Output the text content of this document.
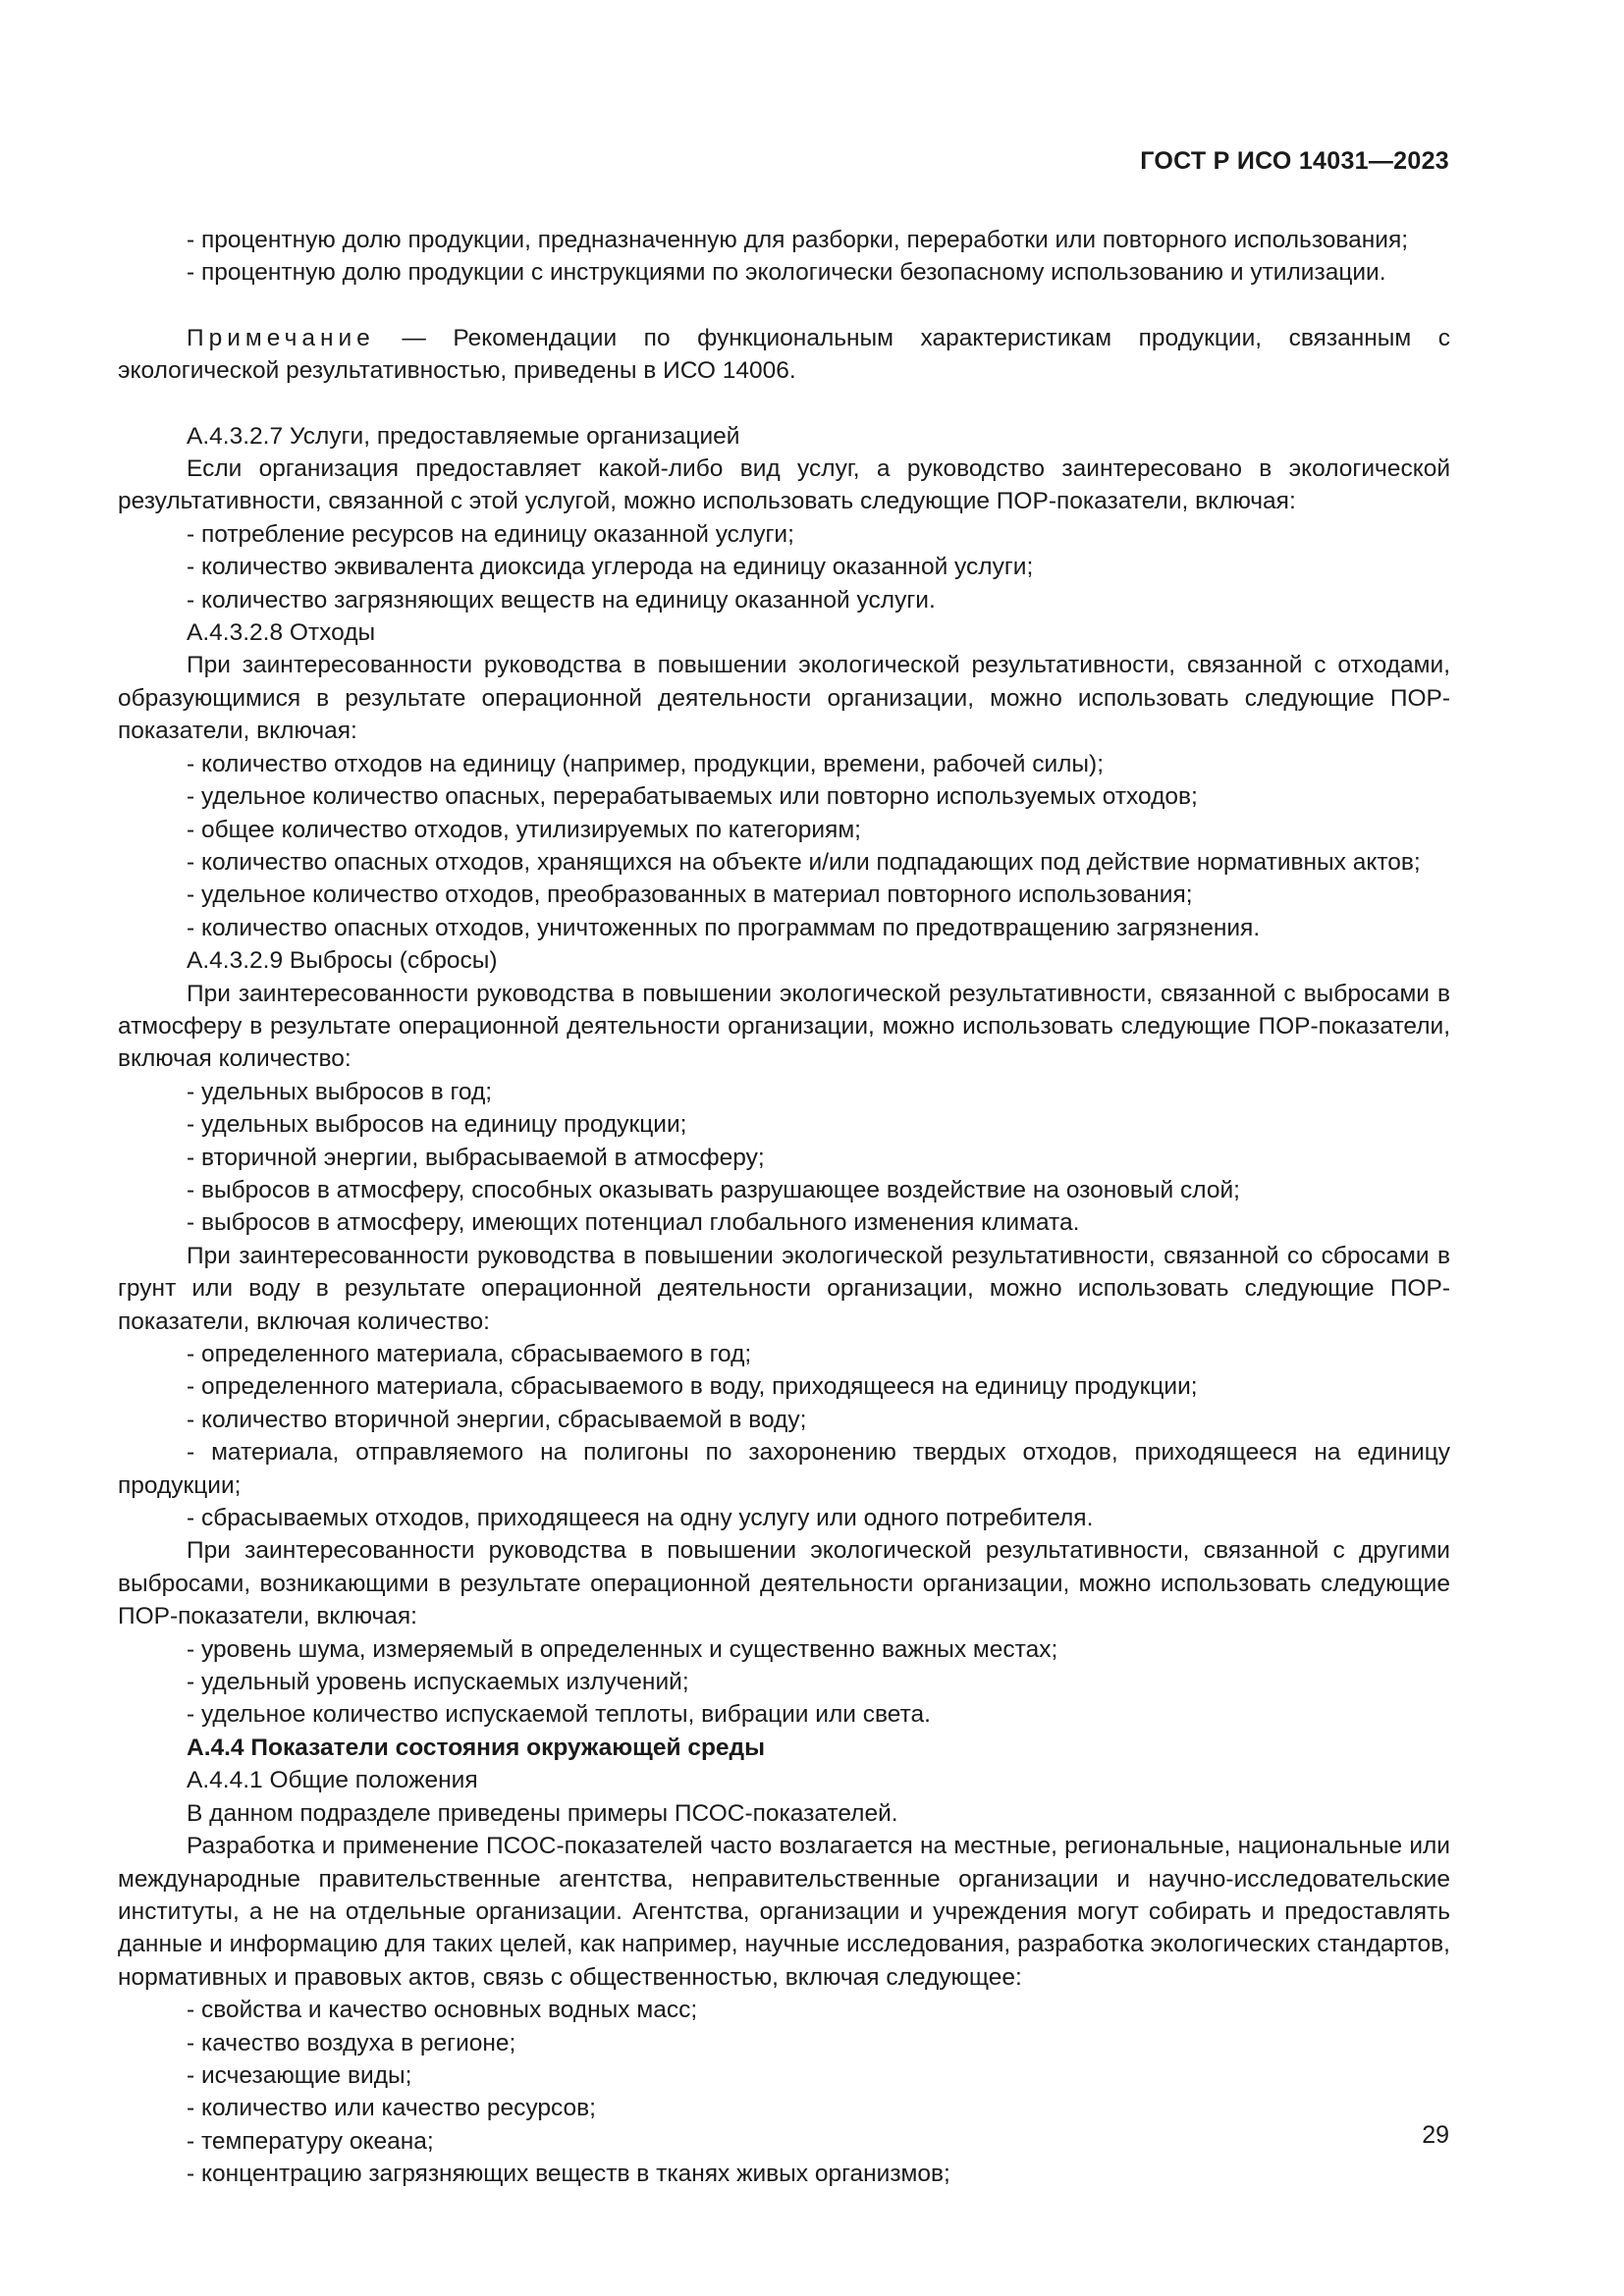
ГОСТ Р ИСО 14031—2023

- процентную долю продукции, предназначенную для разборки, переработки или повторного использования;

- процентную долю продукции с инструкциями по экологически безопасному использованию и утилизации.

Примечание — Рекомендации по функциональным характеристикам продукции, связанным с экологической результативностью, приведены в ИСО 14006.

А.4.3.2.7 Услуги, предоставляемые организацией

Если организация предоставляет какой-либо вид услуг, а руководство заинтересовано в экологической результативности, связанной с этой услугой, можно использовать следующие ПОР-показатели, включая:

- потребление ресурсов на единицу оказанной услуги;

- количество эквивалента диоксида углерода на единицу оказанной услуги;

- количество загрязняющих веществ на единицу оказанной услуги.

А.4.3.2.8 Отходы

При заинтересованности руководства в повышении экологической результативности, связанной с отходами, образующимися в результате операционной деятельности организации, можно использовать следующие ПОР-показатели, включая:

- количество отходов на единицу (например, продукции, времени, рабочей силы);

- удельное количество опасных, перерабатываемых или повторно используемых отходов;

- общее количество отходов, утилизируемых по категориям;

- количество опасных отходов, хранящихся на объекте и/или подпадающих под действие нормативных актов;

- удельное количество отходов, преобразованных в материал повторного использования;

- количество опасных отходов, уничтоженных по программам по предотвращению загрязнения.

А.4.3.2.9 Выбросы (сбросы)

При заинтересованности руководства в повышении экологической результативности, связанной с выбросами в атмосферу в результате операционной деятельности организации, можно использовать следующие ПОР-показатели, включая количество:

- удельных выбросов в год;

- удельных выбросов на единицу продукции;

- вторичной энергии, выбрасываемой в атмосферу;

- выбросов в атмосферу, способных оказывать разрушающее воздействие на озоновый слой;

- выбросов в атмосферу, имеющих потенциал глобального изменения климата.

При заинтересованности руководства в повышении экологической результативности, связанной со сбросами в грунт или воду в результате операционной деятельности организации, можно использовать следующие ПОР-показатели, включая количество:

- определенного материала, сбрасываемого в год;

- определенного материала, сбрасываемого в воду, приходящееся на единицу продукции;

- количество вторичной энергии, сбрасываемой в воду;

- материала, отправляемого на полигоны по захоронению твердых отходов, приходящееся на единицу продукции;

- сбрасываемых отходов, приходящееся на одну услугу или одного потребителя.

При заинтересованности руководства в повышении экологической результативности, связанной с другими выбросами, возникающими в результате операционной деятельности организации, можно использовать следующие ПОР-показатели, включая:

- уровень шума, измеряемый в определенных и существенно важных местах;

- удельный уровень испускаемых излучений;

- удельное количество испускаемой теплоты, вибрации или света.

А.4.4 Показатели состояния окружающей среды

А.4.4.1 Общие положения

В данном подразделе приведены примеры ПСОС-показателей.

Разработка и применение ПСОС-показателей часто возлагается на местные, региональные, национальные или международные правительственные агентства, неправительственные организации и научно-исследовательские институты, а не на отдельные организации. Агентства, организации и учреждения могут собирать и предоставлять данные и информацию для таких целей, как например, научные исследования, разработка экологических стандартов, нормативных и правовых актов, связь с общественностью, включая следующее:

- свойства и качество основных водных масс;

- качество воздуха в регионе;

- исчезающие виды;

- количество или качество ресурсов;

- температуру океана;

- концентрацию загрязняющих веществ в тканях живых организмов;

29
